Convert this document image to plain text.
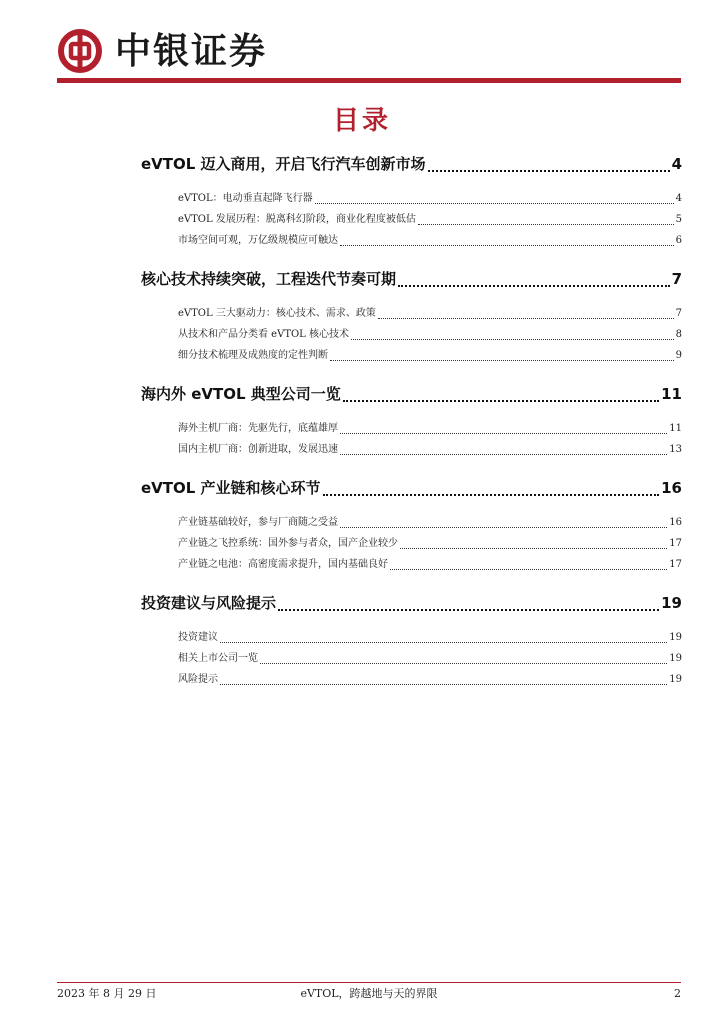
中银证券
目录
eVTOL 迈入商用，开启飞行汽车创新市场	4
eVTOL：电动垂直起降飞行器	4
eVTOL 发展历程：脱离科幻阶段，商业化程度被低估	5
市场空间可观，万亿级规模应可触达	6
核心技术持续突破，工程迭代节奏可期	7
eVTOL 三大驱动力：核心技术、需求、政策	7
从技术和产品分类看 eVTOL 核心技术	8
细分技术梳理及成熟度的定性判断	9
海内外 eVTOL 典型公司一览	11
海外主机厂商：先驱先行，底蕴雄厚	11
国内主机厂商：创新进取，发展迅速	13
eVTOL 产业链和核心环节	16
产业链基础较好，参与厂商随之受益	16
产业链之飞控系统：国外参与者众，国产企业较少	17
产业链之电池：高密度需求提升，国内基础良好	17
投资建议与风险提示	19
投资建议	19
相关上市公司一览	19
风险提示	19
2023 年 8 月 29 日	eVTOL，跨越地与天的界限	2
